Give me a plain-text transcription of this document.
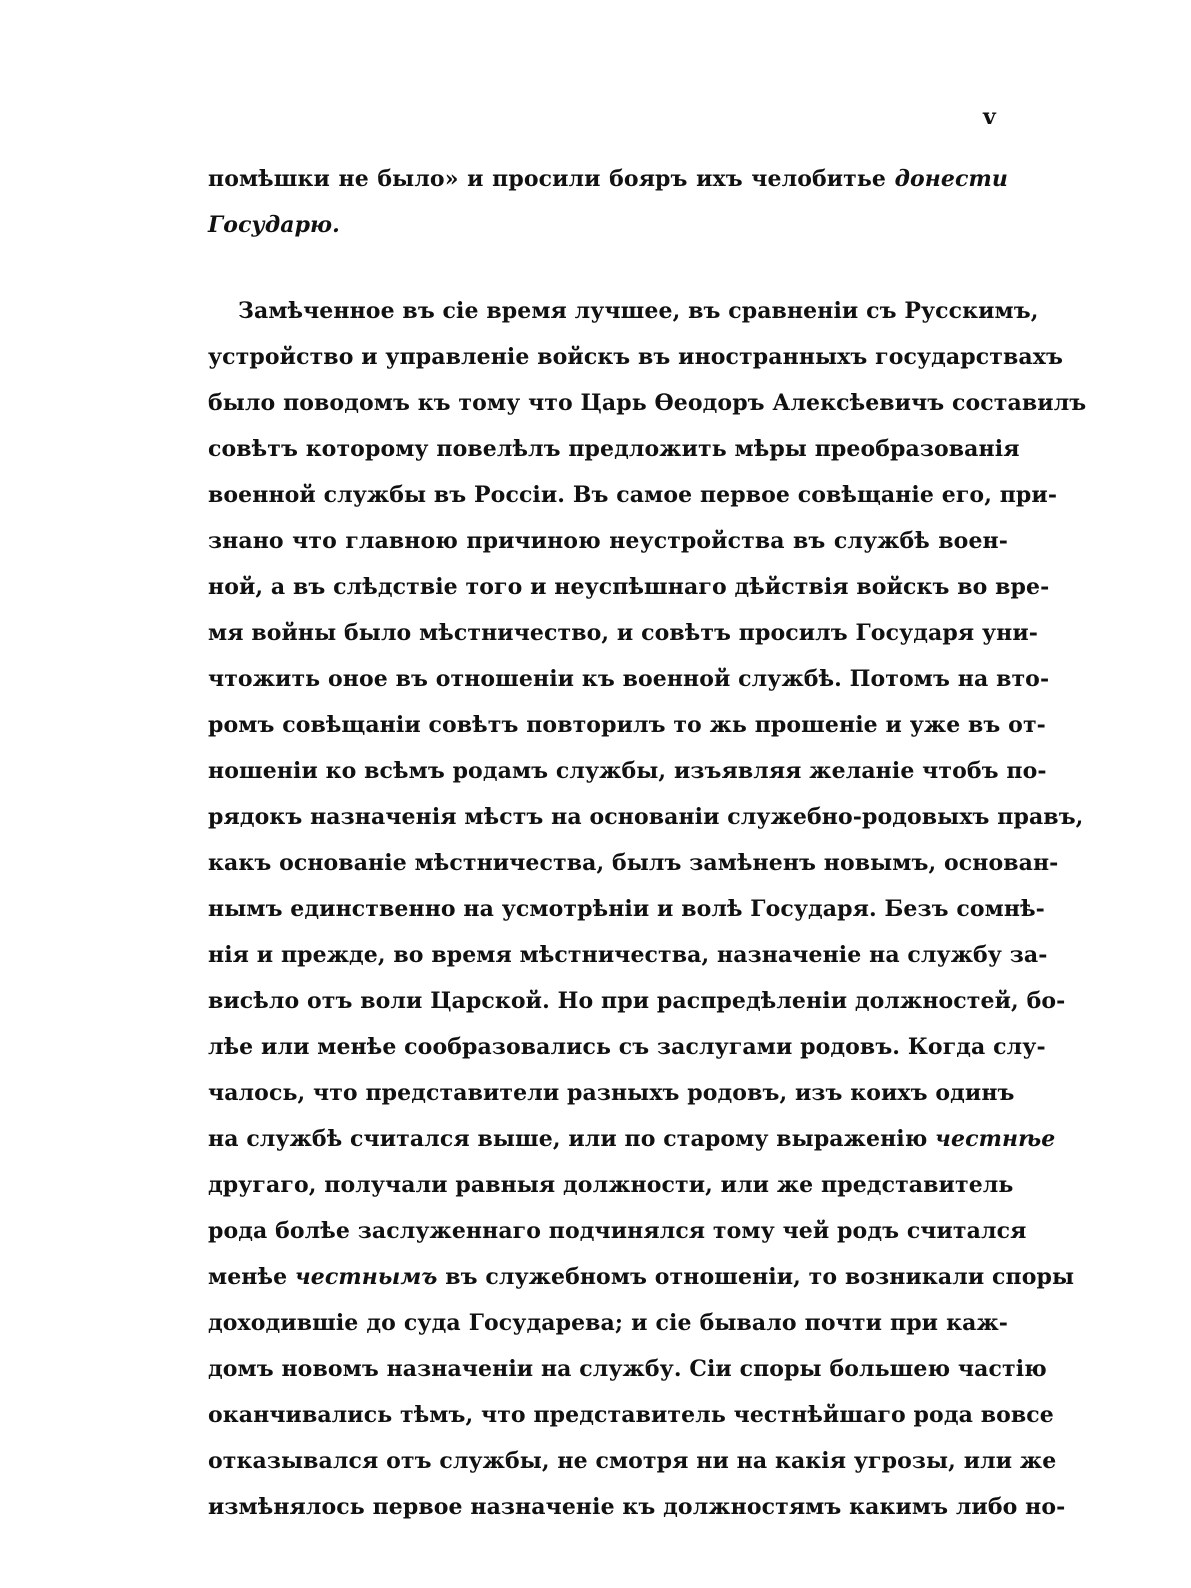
v
помѣшки не было» и просили бояръ ихъ челобитье донести
Государю.
Замѣченное въ сіе время лучшее, въ сравненіи съ Русскимъ,
устройство и управленіе войскъ въ иностранныхъ государствахъ
было поводомъ къ тому что Царь Ѳеодоръ Алексѣевичъ составилъ
совѣтъ которому повелѣлъ предложить мѣры преобразованія
военной службы въ Россіи. Въ самое первое совѣщаніе его, при-
знано что главною причиною неустройства въ службѣ воен-
ной, а въ слѣдствіе того и неуспѣшнаго дѣйствія войскъ во вре-
мя войны было мѣстничество, и совѣтъ просилъ Государя уни-
чтожить оное въ отношеніи къ военной службѣ. Потомъ на вто-
ромъ совѣщаніи совѣтъ повторилъ то жь прошеніе и уже въ от-
ношеніи ко всѣмъ родамъ службы, изъявляя желаніе чтобъ по-
рядокъ назначенія мѣстъ на основаніи служебно-родовыхъ правъ,
какъ основаніе мѣстничества, былъ замѣненъ новымъ, основан-
нымъ единственно на усмотрѣніи и волѣ Государя. Безъ сомнѣ-
нія и прежде, во время мѣстничества, назначеніе на службу за-
висѣло отъ воли Царской. Но при распредѣленіи должностей, бо-
лѣе или менѣе сообразовались съ заслугами родовъ. Когда слу-
чалось, что представители разныхъ родовъ, изъ коихъ одинъ
на службѣ считался выше, или по старому выраженію честнѣе
другаго, получали равныя должности, или же представитель
рода болѣе заслуженнаго подчинялся тому чей родъ считался
менѣе честнымъ въ служебномъ отношеніи, то возникали споры
доходившіе до суда Государева; и сіе бывало почти при каж-
домъ новомъ назначеніи на службу. Сіи споры большею частію
оканчивались тѣмъ, что представитель честнѣйшаго рода вовсе
отказывался отъ службы, не смотря ни на какія угрозы, или же
измѣнялось первое назначеніе къ должностямъ какимъ либо но-
